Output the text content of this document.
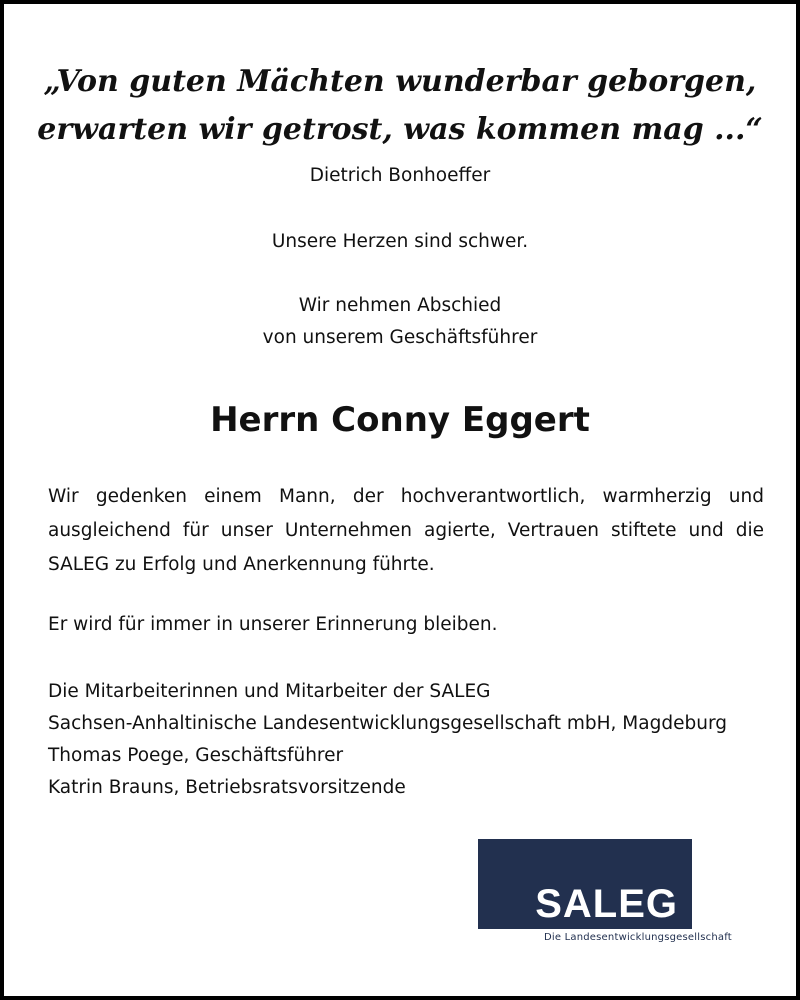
„Von guten Mächten wunderbar geborgen,
erwarten wir getrost, was kommen mag ...“
Dietrich Bonhoeffer
Unsere Herzen sind schwer.
Wir nehmen Abschied
von unserem Geschäftsführer
Herrn Conny Eggert

Wir gedenken einem Mann, der hochverantwortlich, warmherzig und ausgleichend für unser Unternehmen agierte, Vertrauen stiftete und die SALEG zu Erfolg und Anerkennung führte.

Er wird für immer in unserer Erinnerung bleiben.

Die Mitarbeiterinnen und Mitarbeiter der SALEG
Sachsen-Anhaltinische Landesentwicklungsgesellschaft mbH, Magdeburg
Thomas Poege, Geschäftsführer
Katrin Brauns, Betriebsratsvorsitzende
SALEG
Die Landesentwicklungsgesellschaft
